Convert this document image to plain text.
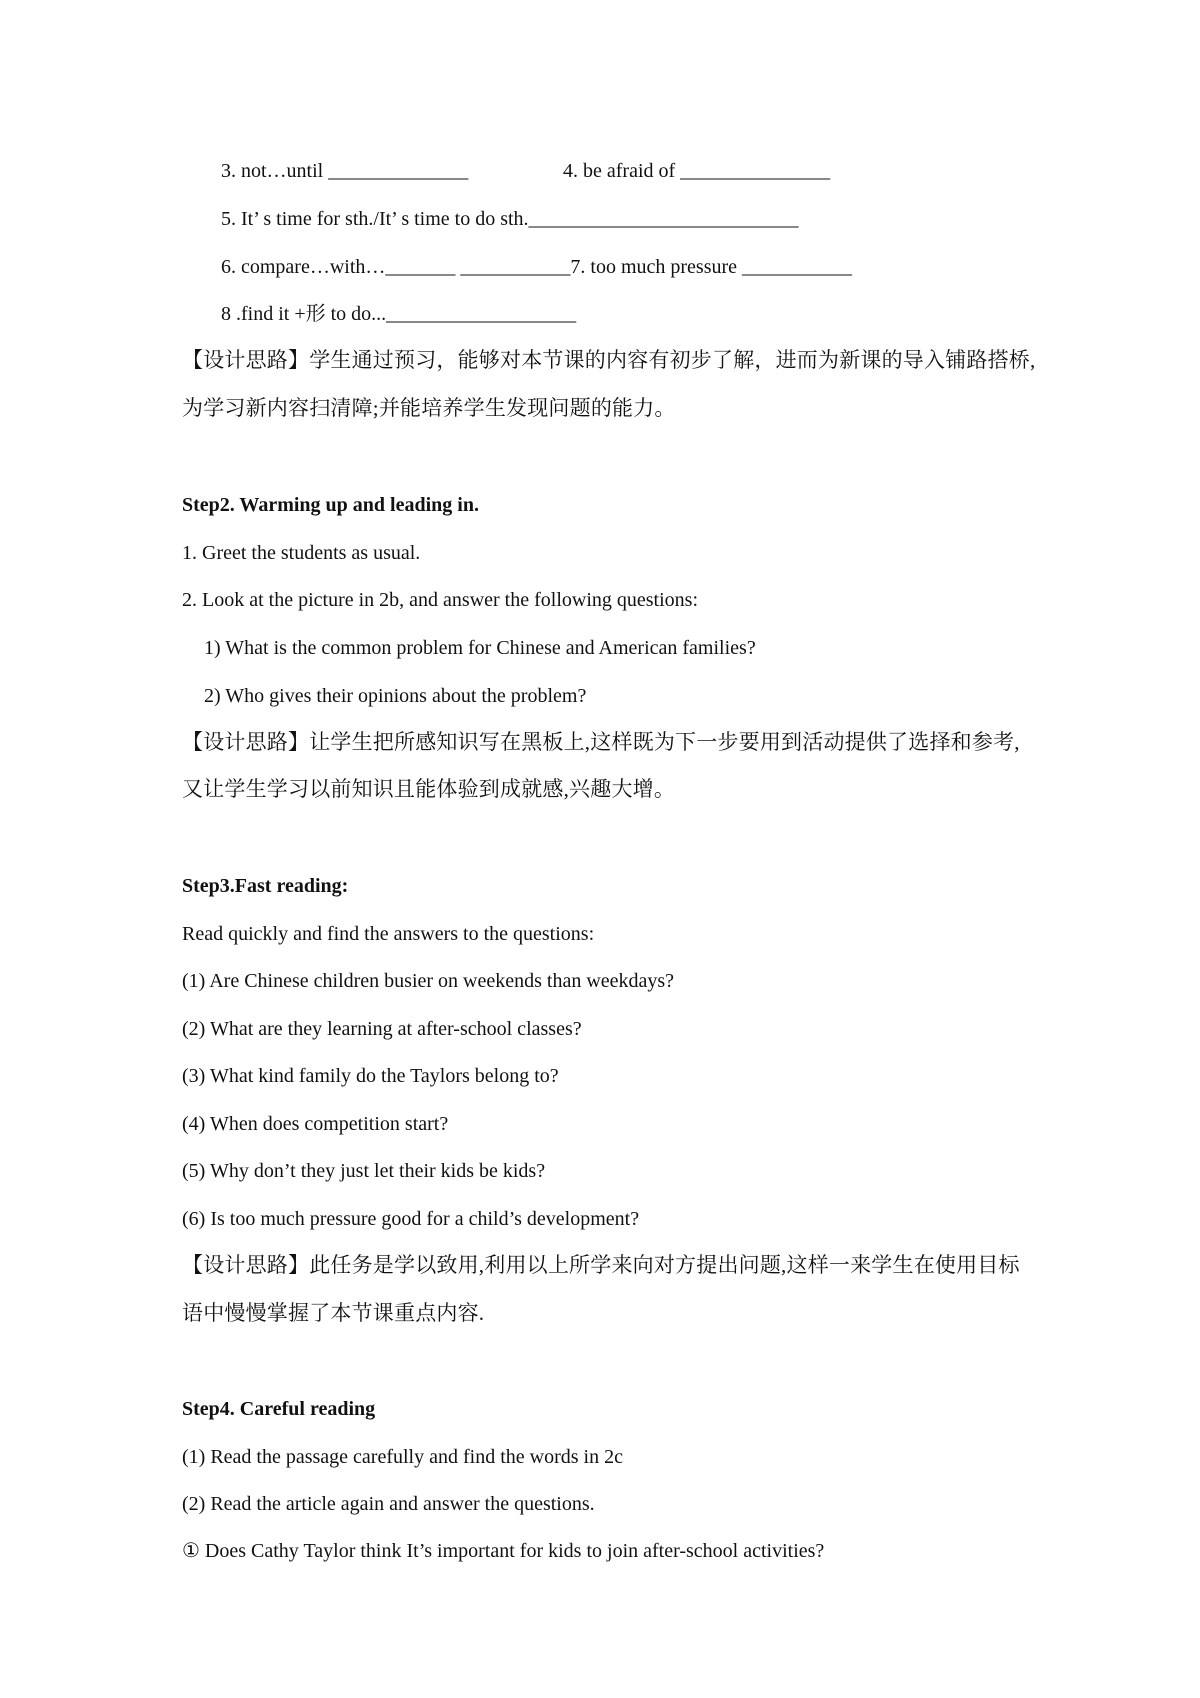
3. not…until ______________	4. be afraid of _______________
5. It’ s time for sth./It’ s time to do sth.___________________________
6. compare…with…_______ ___________7. too much pressure ___________
8 .find it +形 to do...___________________
【设计思路】学生通过预习，能够对本节课的内容有初步了解，进而为新课的导入铺路搭桥,
为学习新内容扫清障;并能培养学生发现问题的能力。
Step2. Warming up and leading in.
1. Greet the students as usual.
2. Look at the picture in 2b, and answer the following questions:
1) What is the common problem for Chinese and American families?
2) Who gives their opinions about the problem?
【设计思路】让学生把所感知识写在黑板上,这样既为下一步要用到活动提供了选择和参考,
又让学生学习以前知识且能体验到成就感,兴趣大增。
Step3.Fast reading:
Read quickly and find the answers to the questions:
(1) Are Chinese children busier on weekends than weekdays?
(2) What are they learning at after-school classes?
(3) What kind family do the Taylors belong to?
(4) When does competition start?
(5) Why don’t they just let their kids be kids?
(6) Is too much pressure good for a child’s development?
【设计思路】此任务是学以致用,利用以上所学来向对方提出问题,这样一来学生在使用目标
语中慢慢掌握了本节课重点内容.
Step4. Careful reading
(1) Read the passage carefully and find the words in 2c
(2) Read the article again and answer the questions.
① Does Cathy Taylor think It’s important for kids to join after-school activities?
